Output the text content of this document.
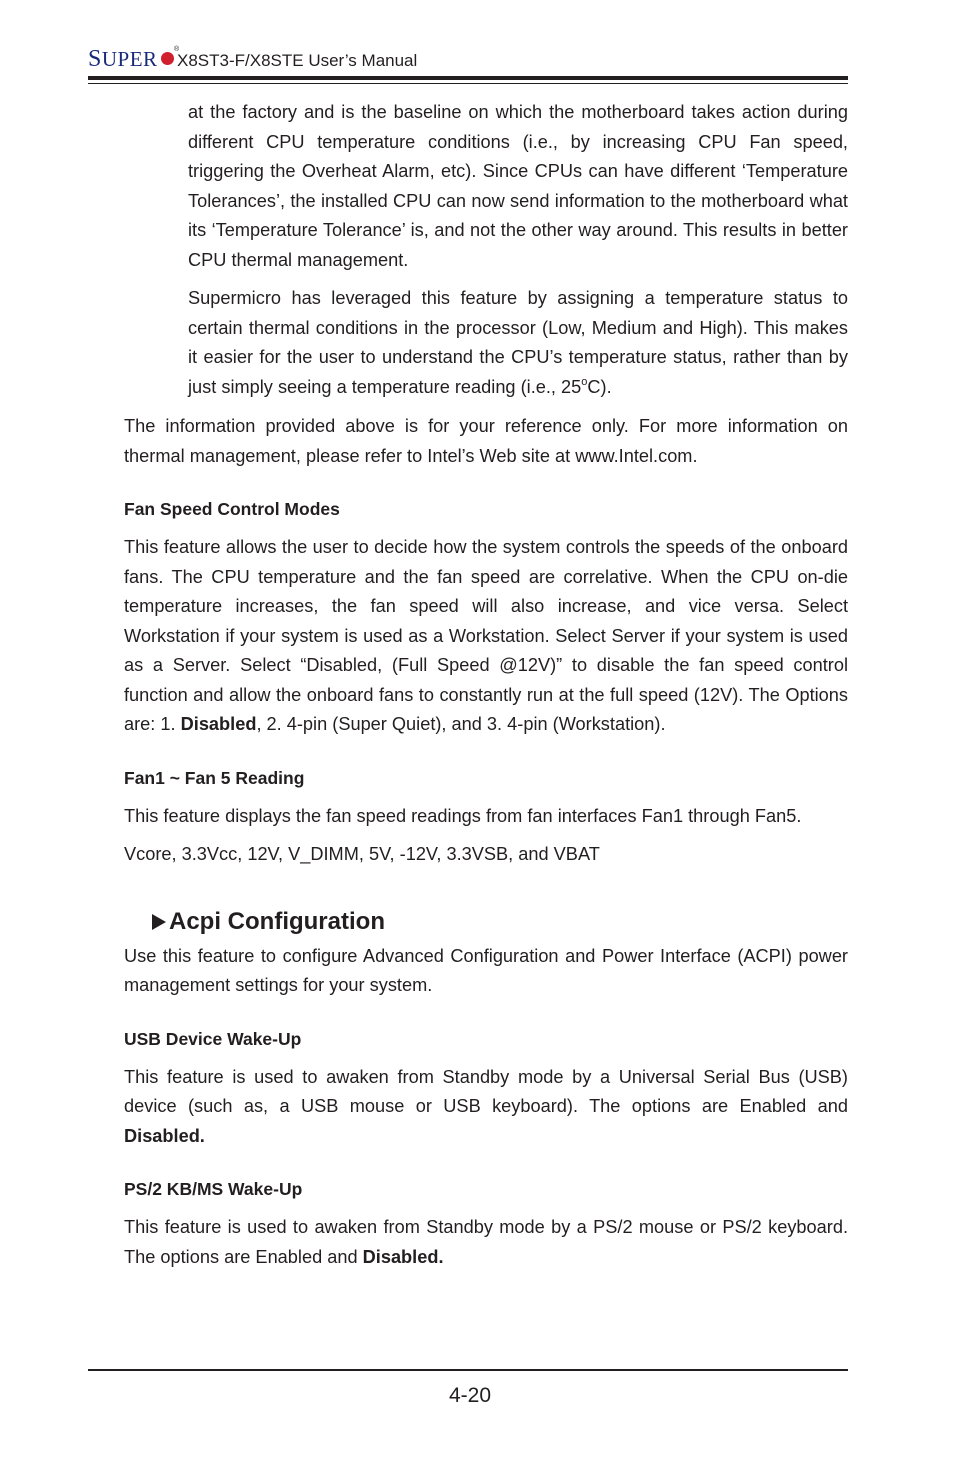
SUPER ®
X8ST3-F/X8STE User’s Manual

at the factory and is the baseline on which the motherboard takes action during different CPU temperature conditions (i.e., by increasing CPU Fan speed, triggering the Overheat Alarm, etc). Since CPUs can have different ‘Temperature Tolerances’, the installed CPU can now send information to the motherboard what its ‘Temperature Tolerance’ is, and not the other way around. This results in better CPU thermal management.

Supermicro has leveraged this feature by assigning a temperature status to certain thermal conditions in the processor (Low, Medium and High). This makes it easier for the user to understand the CPU’s temperature status, rather than by just simply seeing a temperature reading (i.e., 25$^o$C).

The information provided above is for your reference only. For more information on thermal management, please refer to Intel’s Web site at www.Intel.com.

Fan Speed Control Modes

This feature allows the user to decide how the system controls the speeds of the onboard fans. The CPU temperature and the fan speed are correlative. When the CPU on-die temperature increases, the fan speed will also increase, and vice versa. Select Workstation if your system is used as a Workstation. Select Server if your system is used as a Server. Select “Disabled, (Full Speed @12V)” to disable the fan speed control function and allow the onboard fans to constantly run at the full speed (12V). The Options are: 1. Disabled, 2. 4-pin (Super Quiet), and 3. 4-pin (Workstation).

Fan1 ~ Fan 5 Reading

This feature displays the fan speed readings from fan interfaces Fan1 through Fan5.

Vcore, 3.3Vcc, 12V, V_DIMM, 5V, -12V, 3.3VSB, and VBAT

Acpi Configuration

Use this feature to configure Advanced Configuration and Power Interface (ACPI) power management settings for your system.

USB Device Wake-Up

This feature is used to awaken from Standby mode by a Universal Serial Bus (USB) device (such as, a USB mouse or USB keyboard). The options are Enabled and Disabled.

PS/2 KB/MS Wake-Up

This feature is used to awaken from Standby mode by a PS/2 mouse or PS/2 keyboard. The options are Enabled and Disabled.

4-20
